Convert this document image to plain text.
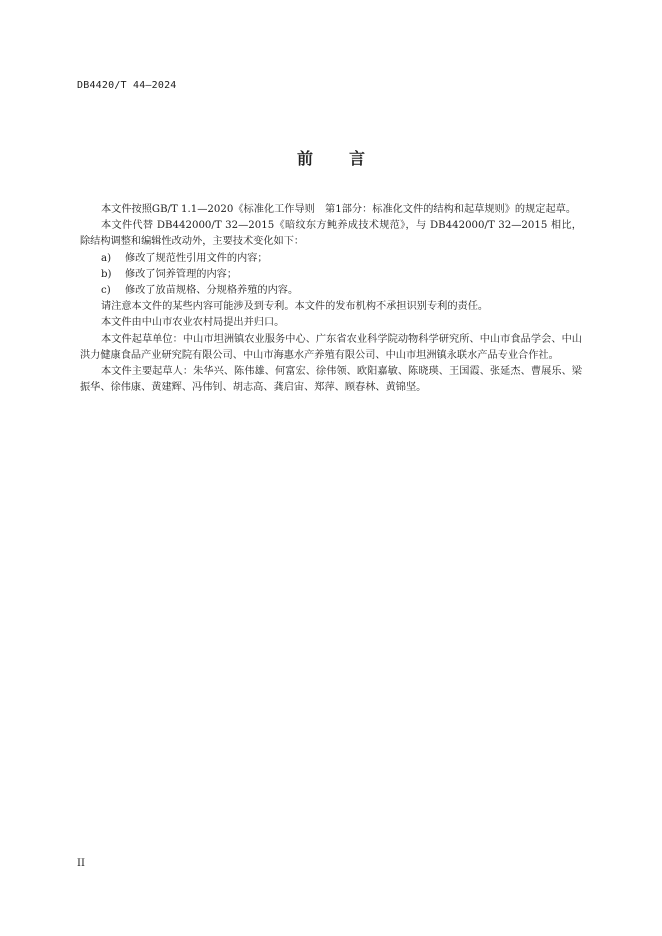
DB4420/T 44—2024
前 言

本文件按照GB/T 1.1—2020《标准化工作导则　第1部分：标准化文件的结构和起草规则》的规定起草。

本文件代替 DB442000/T 32—2015《暗纹东方鲀养成技术规范》，与 DB442000/T 32—2015 相比，除结构调整和编辑性改动外，主要技术变化如下：

a)	修改了规范性引用文件的内容；
b)	修改了饲养管理的内容；
c)	修改了放苗规格、分规格养殖的内容。

请注意本文件的某些内容可能涉及到专利。本文件的发布机构不承担识别专利的责任。

本文件由中山市农业农村局提出并归口。

本文件起草单位：中山市坦洲镇农业服务中心、广东省农业科学院动物科学研究所、中山市食品学会、中山洪力健康食品产业研究院有限公司、中山市海惠水产养殖有限公司、中山市坦洲镇永联水产品专业合作社。

本文件主要起草人：朱华兴、陈伟雄、何富宏、徐伟领、欧阳嘉敏、陈晓瑛、王国霞、张延杰、曹展乐、梁振华、徐伟康、黄建辉、冯伟钊、胡志高、龚启宙、郑萍、顾春林、黄锦坚。

II
